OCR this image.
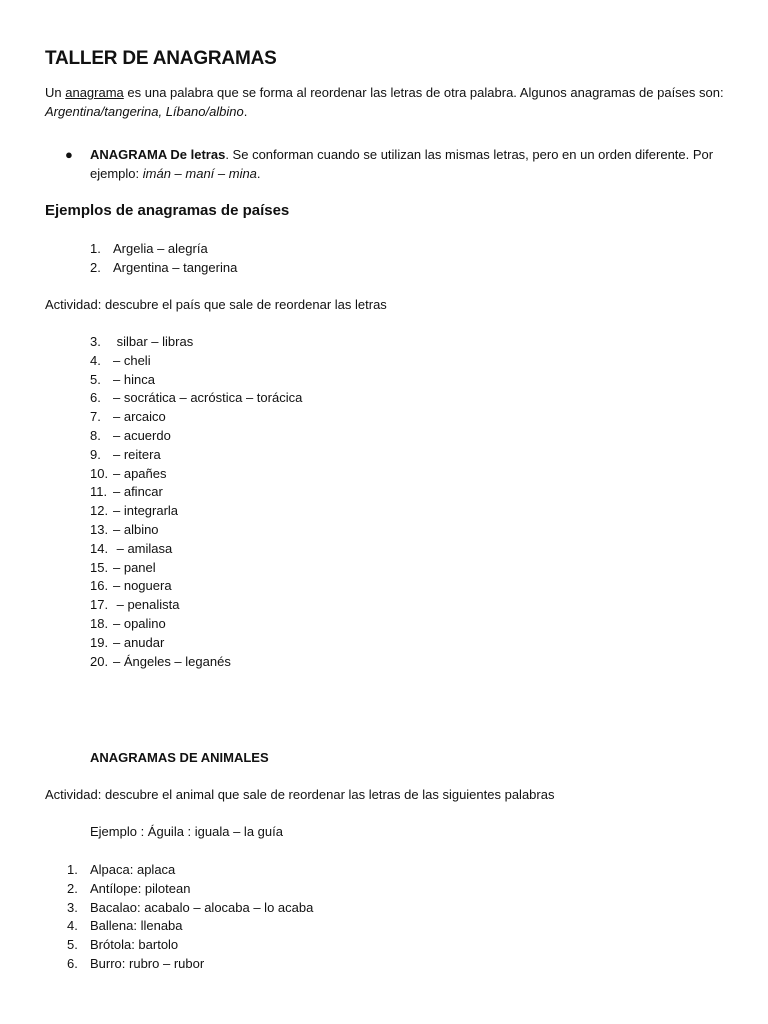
TALLER DE ANAGRAMAS
Un anagrama es una palabra que se forma al reordenar las letras de otra palabra. Algunos anagramas de países son: Argentina/tangerina, Líbano/albino.
● ANAGRAMA De letras. Se conforman cuando se utilizan las mismas letras, pero en un orden diferente. Por ejemplo: imán – maní – mina.
Ejemplos de anagramas de países
1. Argelia – alegría
2. Argentina – tangerina
Actividad: descubre el país que sale de reordenar las letras
3. silbar – libras
4. – cheli
5. – hinca
6. – socrática – acróstica – torácica
7. – arcaico
8. – acuerdo
9. – reitera
10. – apañes
11. – afincar
12. – integrarla
13. – albino
14. – amilasa
15. – panel
16. – noguera
17. – penalista
18. – opalino
19. – anudar
20. – Ángeles – leganés
ANAGRAMAS DE ANIMALES
Actividad: descubre el animal que sale de reordenar las letras de las siguientes palabras
Ejemplo : Águila : iguala – la guía
1. Alpaca: aplaca
2. Antílope: pilotean
3. Bacalao: acabalo – alocaba – lo acaba
4. Ballena: llenaba
5. Brótola: bartolo
6. Burro: rubro – rubor
